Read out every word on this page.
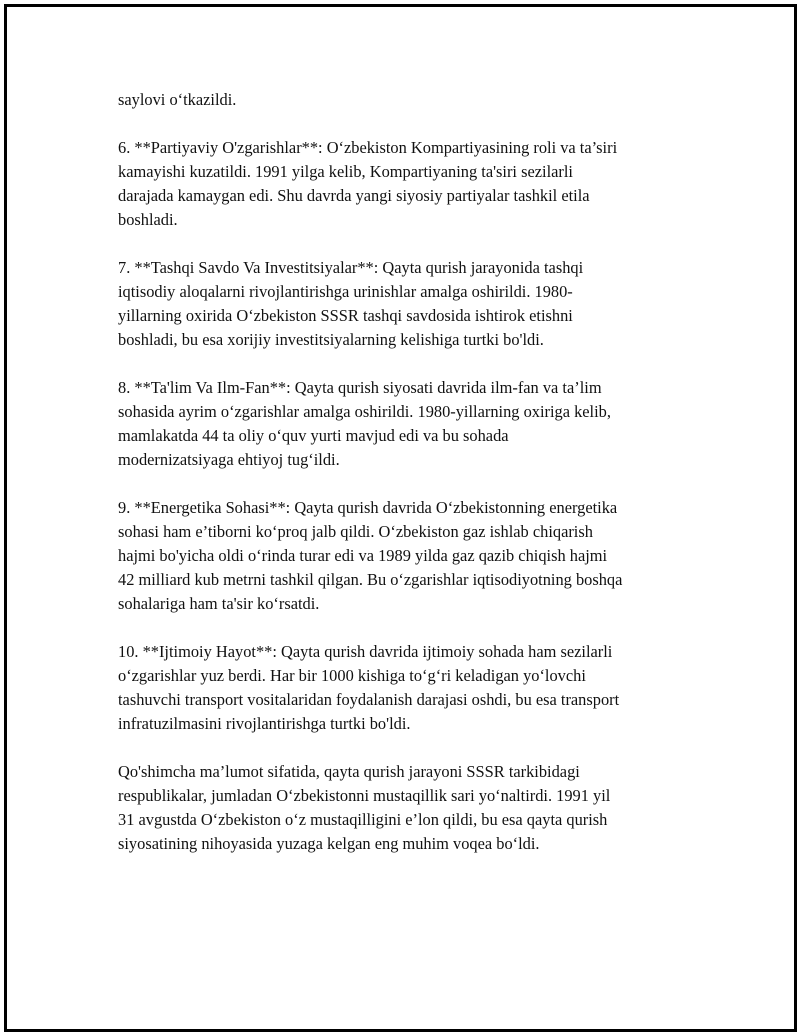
saylovi o‘tkazildi.

6. **Partiyaviy O'zgarishlar**: O‘zbekiston Kompartiyasining roli va ta’siri
kamayishi kuzatildi. 1991 yilga kelib, Kompartiyaning ta'siri sezilarli
darajada kamaygan edi. Shu davrda yangi siyosiy partiyalar tashkil etila
boshladi.

7. **Tashqi Savdo Va Investitsiyalar**: Qayta qurish jarayonida tashqi
iqtisodiy aloqalarni rivojlantirishga urinishlar amalga oshirildi. 1980-
yillarning oxirida O‘zbekiston SSSR tashqi savdosida ishtirok etishni
boshladi, bu esa xorijiy investitsiyalarning kelishiga turtki bo'ldi.

8. **Ta'lim Va Ilm-Fan**: Qayta qurish siyosati davrida ilm-fan va ta’lim
sohasida ayrim o‘zgarishlar amalga oshirildi. 1980-yillarning oxiriga kelib,
mamlakatda 44 ta oliy o‘quv yurti mavjud edi va bu sohada
modernizatsiyaga ehtiyoj tug‘ildi.

9. **Energetika Sohasi**: Qayta qurish davrida O‘zbekistonning energetika
sohasi ham e’tiborni ko‘proq jalb qildi. O‘zbekiston gaz ishlab chiqarish
hajmi bo'yicha oldi o‘rinda turar edi va 1989 yilda gaz qazib chiqish hajmi
42 milliard kub metrni tashkil qilgan. Bu o‘zgarishlar iqtisodiyotning boshqa
sohalariga ham ta'sir ko‘rsatdi.

10. **Ijtimoiy Hayot**: Qayta qurish davrida ijtimoiy sohada ham sezilarli
o‘zgarishlar yuz berdi. Har bir 1000 kishiga to‘g‘ri keladigan yo‘lovchi
tashuvchi transport vositalaridan foydalanish darajasi oshdi, bu esa transport
infratuzilmasini rivojlantirishga turtki bo'ldi.

Qo'shimcha ma’lumot sifatida, qayta qurish jarayoni SSSR tarkibidagi
respublikalar, jumladan O‘zbekistonni mustaqillik sari yo‘naltirdi. 1991 yil
31 avgustda O‘zbekiston o‘z mustaqilligini e’lon qildi, bu esa qayta qurish
siyosatining nihoyasida yuzaga kelgan eng muhim voqea bo‘ldi.
